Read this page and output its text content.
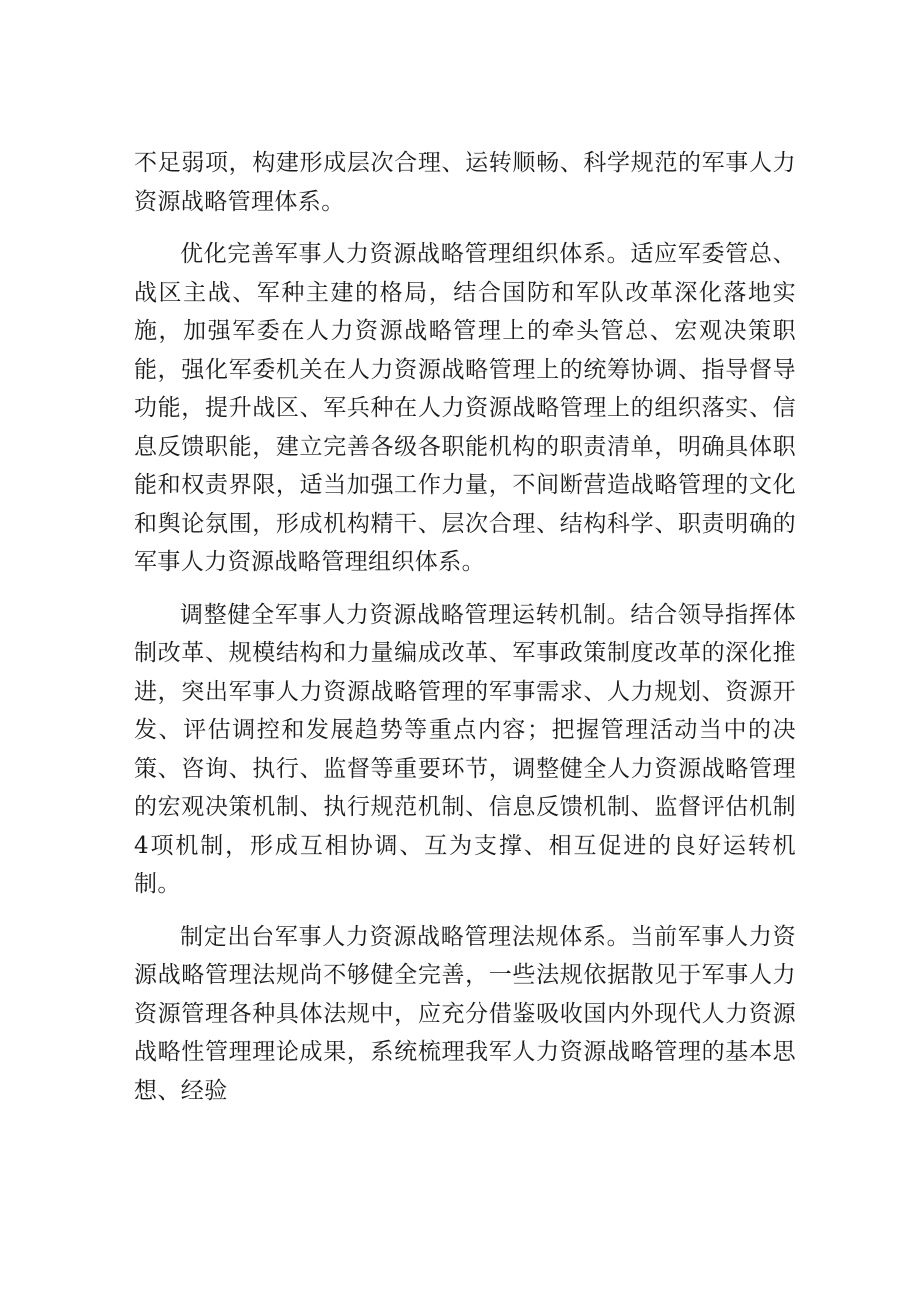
不足弱项，构建形成层次合理、运转顺畅、科学规范的军事人力资源战略管理体系。

优化完善军事人力资源战略管理组织体系。适应军委管总、战区主战、军种主建的格局，结合国防和军队改革深化落地实施，加强军委在人力资源战略管理上的牵头管总、宏观决策职能，强化军委机关在人力资源战略管理上的统筹协调、指导督导功能，提升战区、军兵种在人力资源战略管理上的组织落实、信息反馈职能，建立完善各级各职能机构的职责清单，明确具体职能和权责界限，适当加强工作力量，不间断营造战略管理的文化和舆论氛围，形成机构精干、层次合理、结构科学、职责明确的军事人力资源战略管理组织体系。

调整健全军事人力资源战略管理运转机制。结合领导指挥体制改革、规模结构和力量编成改革、军事政策制度改革的深化推进，突出军事人力资源战略管理的军事需求、人力规划、资源开发、评估调控和发展趋势等重点内容；把握管理活动当中的决策、咨询、执行、监督等重要环节，调整健全人力资源战略管理的宏观决策机制、执行规范机制、信息反馈机制、监督评估机制4项机制，形成互相协调、互为支撑、相互促进的良好运转机制。

制定出台军事人力资源战略管理法规体系。当前军事人力资源战略管理法规尚不够健全完善，一些法规依据散见于军事人力资源管理各种具体法规中，应充分借鉴吸收国内外现代人力资源战略性管理理论成果，系统梳理我军人力资源战略管理的基本思想、经验
